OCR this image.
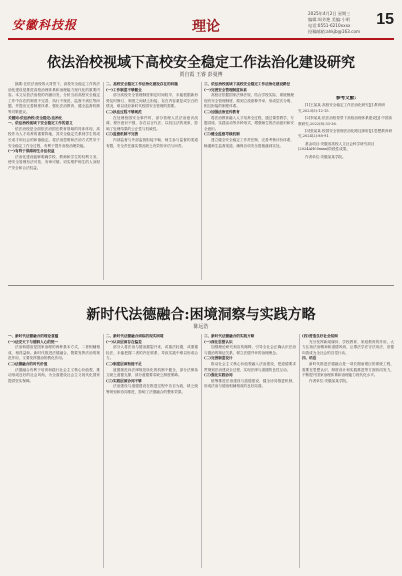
安徽科技报	理论
2025年4月2日 星期三
编辑:周芳艳 美编:小明
电话:0551-6210xxxx
投稿邮箱:ahkjb@163.com
15
依法治校视域下高校安全稳定工作法治化建设研究
贾自霞 王睿 彭曼博

摘要:在依法治校的大背景下，高校安全稳定工作的法治化建设是推进高校治理体系和治理能力现代化的重要内容。本文从依法治校的内涵出发，分析当前高校安全稳定工作中存在的制度不完善、执行不规范、监督不到位等问题，并提出完善制度体系、强化法治教育、健全监督机制等对策建议。

关键词:依法治校;安全稳定;法治化

一、依法治校视域下安全稳定工作的意义

依法治校是全面依法治国在教育领域的具体体现，高校作为人才培养的重要阵地，其安全稳定关系到学生的成长成才和社会的和谐稳定。将法治思维和法治方式贯穿于安全稳定工作全过程，有利于提升高校治理效能。

(一)有利于保障师生合法权益

法治化建设能够明确学校、教师和学生的权利义务，使安全管理有法可依、有章可循，切实维护师生的人身财产安全和合法权益。

二、高校安全稳定工作法治化建设存在的问题

(一)工作制度不够健全

部分高校安全管理制度制定时间较早，未能根据新形势及时修订，制度之间缺乏衔接，存在内容重复或空白的情况，难以适应新时代校园安全管理的需要。

(二)执法过程不够规范

在处理校园安全事件时，部分管理人员法治意识淡薄，程序意识不强，存在以言代法、以权压法的现象，影响了处理结果的公正性与权威性。

(三)监督机制不完善

内部监督与外部监督衔接不畅，师生参与监督的渠道有限，安全责任落实情况缺乏有效的评估与问责。

三、依法治校视域下高校安全稳定工作法治化建设路径

(一)完善安全管理制度体系

高校应依据国家法律法规，结合学校实际，系统梳理现有安全管理制度，做到立改废释并举，形成层次分明、相互衔接的制度体系。

(二)加强法治宣传教育

将法治教育融入人才培养全过程，通过课堂教学、专题讲座、实践活动等多种形式，增强师生的法治意识和安全意识。

(三)健全监督考核机制

建立健全安全稳定工作责任制，完善考核评价体系，畅通师生监督渠道，确保各项安全措施落到实处。

参考文献:

[1]王某某.高校安全稳定工作法治化研究[J].教育研究,2023(5):12-15.

[2]李某某.依法治校背景下高校治理体系建设[J].中国高教研究,2022(8):33-36.

[3]张某某.校园安全管理法治化路径探析[J].思想教育研究,2024(2):88-91.

基金项目:安徽省高校人文社会科学研究项目(2024AH05xxxx)阶段性成果。

作者单位:安徽某某学院。

新时代法德融合:困境洞察与实践方略
陈远浩

一、新时代法德融合的理论意蕴

(一)法安天下与德润人心的统一

法治和德治是国家治理的两种基本方式，二者相辅相成、相得益彰。新时代推进法德融合，既要发挥法治的规范作用，又要发挥德治的教化作用。

(二)法德融合的时代价值

法德融合有利于培育和践行社会主义核心价值观，推动形成良好的社会风尚，为全面建设社会主义现代化国家提供坚实保障。

二、新时代法德融合面临的现实困境

(一)认识层面存在偏差

部分人将法治与德治割裂开来，或重法轻德，或重德轻法，未能把握二者的内在联系，导致实践中难以形成合力。

(二)制度层面衔接不足

道德规范向法律规范转化的机制不健全，部分法律条文缺乏道德支撑，部分道德要求缺乏制度保障。

(三)实践层面协同不够

法治建设与道德建设在推进过程中各自为政，缺乏统筹规划和协同推进，影响了法德融合的整体效果。

三、新时代法德融合的实践方略

(一)深化思想认识

加强理论研究和宣传阐释，引导全社会正确认识法治与德治的辩证关系，树立法德并举的治理理念。

(二)完善制度设计

推动社会主义核心价值观融入法治建设，把道德要求贯彻到法治建设全过程，实现法律与道德的良性互动。

(三)强化实践协同

统筹推进法治建设与道德建设，健全协同推进机制，形成法治与德治相辅相成的良好局面。

(四)营造良好社会氛围

充分发挥新闻媒体、学校教育、家庭教育的作用，大力弘扬法治精神和道德风尚，让尊法学法守法用法、崇德向善成为全社会的自觉行动。

四、结语

新时代推进法德融合是一项长期而艰巨的系统工程，需要在思想认识、制度设计和实践推进等方面协同发力，不断提升国家治理体系和治理能力现代化水平。

作者单位:安徽某某学院。
